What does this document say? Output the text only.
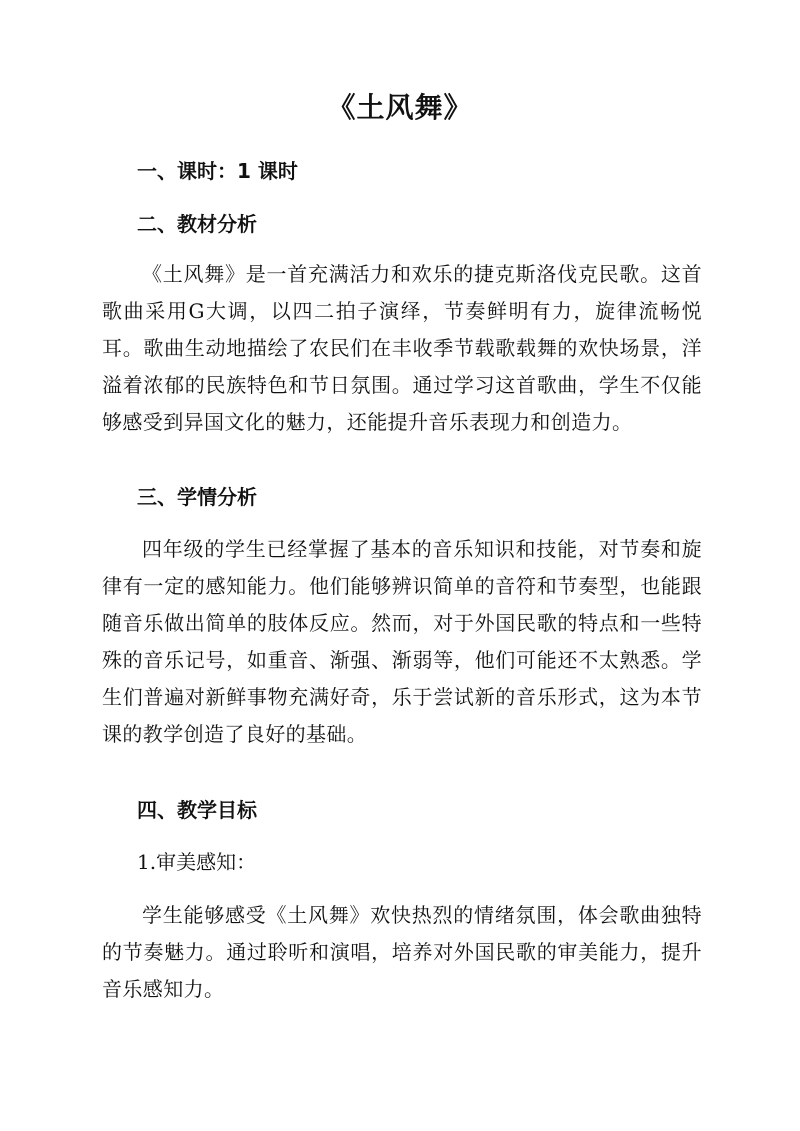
《土风舞》
一、课时：1 课时
二、教材分析

《土风舞》是一首充满活力和欢乐的捷克斯洛伐克民歌。这首歌曲采用G大调，以四二拍子演绎，节奏鲜明有力，旋律流畅悦耳。歌曲生动地描绘了农民们在丰收季节载歌载舞的欢快场景，洋溢着浓郁的民族特色和节日氛围。通过学习这首歌曲，学生不仅能够感受到异国文化的魅力，还能提升音乐表现力和创造力。

三、学情分析

四年级的学生已经掌握了基本的音乐知识和技能，对节奏和旋律有一定的感知能力。他们能够辨识简单的音符和节奏型，也能跟随音乐做出简单的肢体反应。然而，对于外国民歌的特点和一些特殊的音乐记号，如重音、渐强、渐弱等，他们可能还不太熟悉。学生们普遍对新鲜事物充满好奇，乐于尝试新的音乐形式，这为本节课的教学创造了良好的基础。

四、教学目标
1.审美感知：

学生能够感受《土风舞》欢快热烈的情绪氛围，体会歌曲独特的节奏魅力。通过聆听和演唱，培养对外国民歌的审美能力，提升音乐感知力。
